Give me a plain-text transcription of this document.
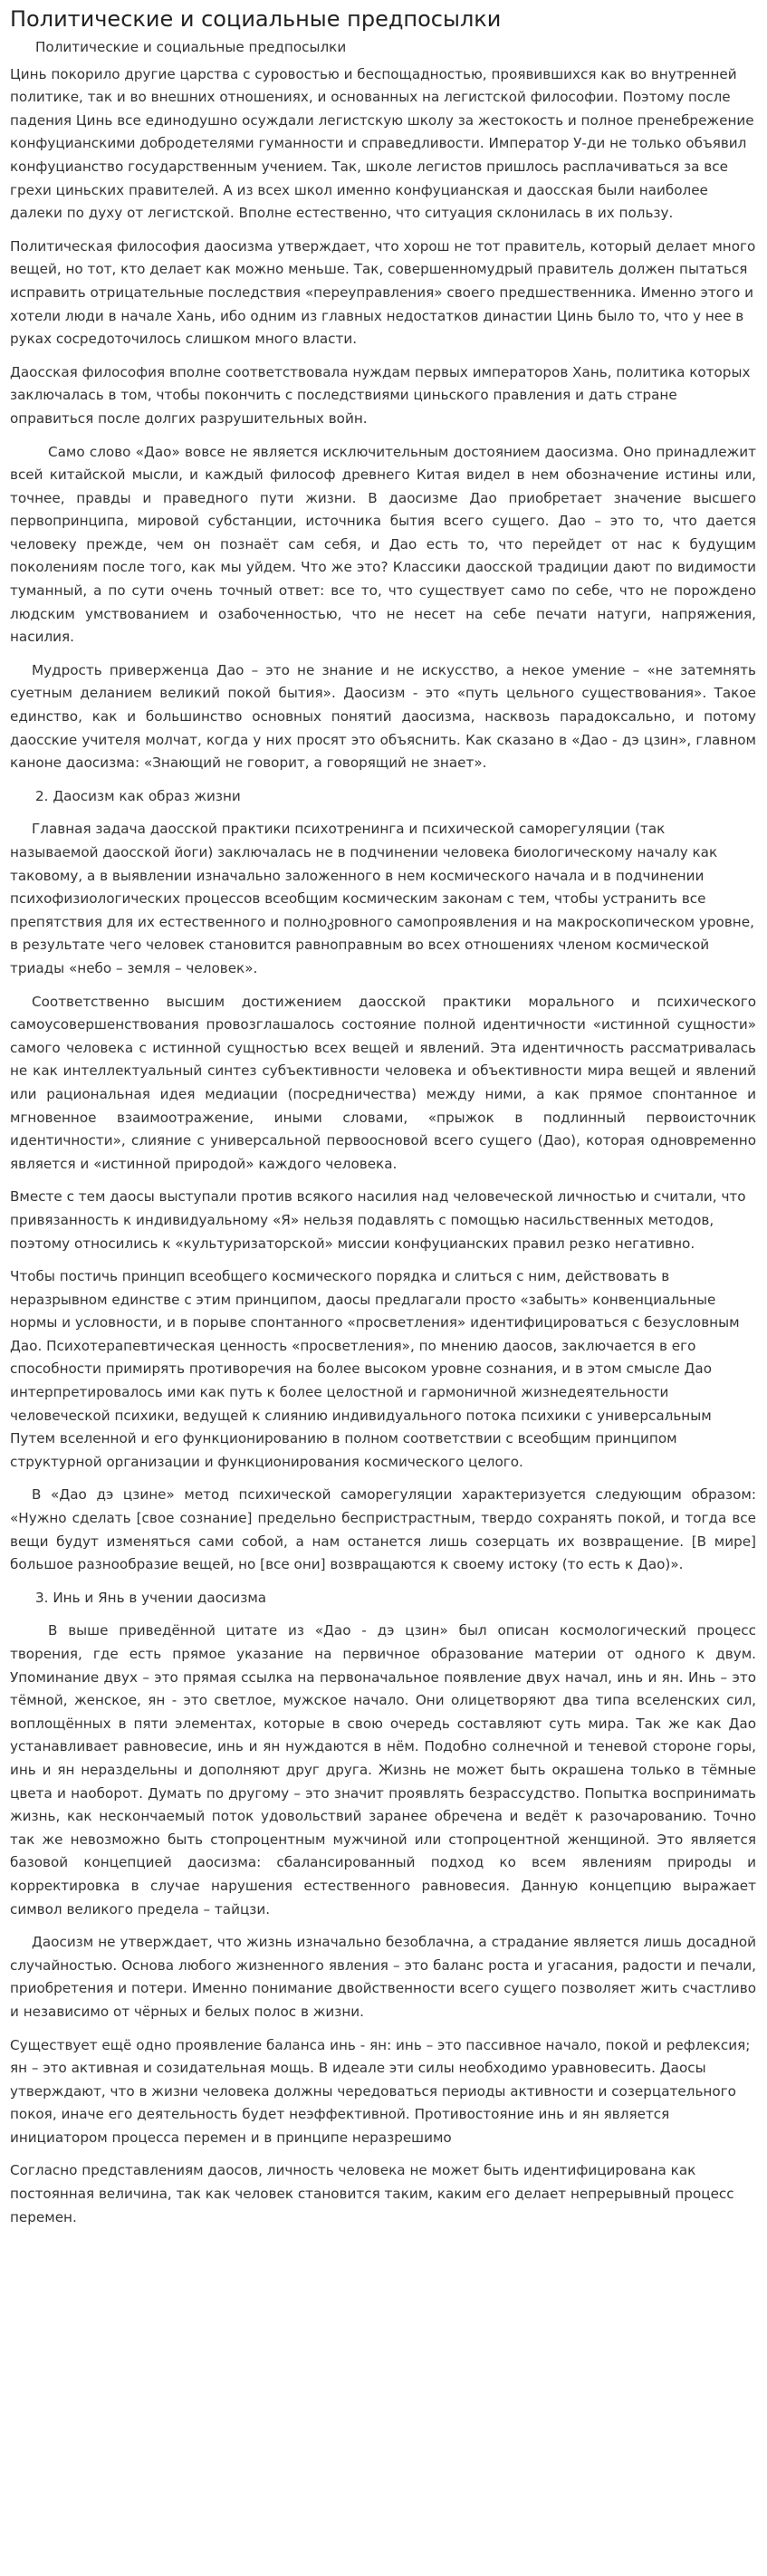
Политические и социальные предпосылки

Политические и социальные предпосылки

Цинь покорило другие царства с суровостью и беспощадностью, проявившихся как во внутренней политике, так и во внешних отношениях, и основанных на легистской философии. Поэтому после падения Цинь все единодушно осуждали легистскую школу за жестокость и полное пренебрежение конфуцианскими добродетелями гуманности и справедливости. Император У-ди не только объявил конфуцианство государственным учением. Так, школе легистов пришлось расплачиваться за все грехи циньских правителей. А из всех школ именно конфуцианская и даосская были наиболее далеки по духу от легистской. Вполне естественно, что ситуация склонилась в их пользу.

Политическая философия даосизма утверждает, что хорош не тот правитель, который делает много вещей, но тот, кто делает как можно меньше. Так, совершенномудрый правитель должен пытаться исправить отрицательные последствия «переуправления» своего предшественника. Именно этого и хотели люди в начале Хань, ибо одним из главных недостатков династии Цинь было то, что у нее в руках сосредоточилось слишком много власти.

Даосская философия вполне соответствовала нуждам первых императоров Хань, политика которых заключалась в том, чтобы покончить с последствиями циньского правления и дать стране оправиться после долгих разрушительных войн.

Само слово «Дао» вовсе не является исключительным достоянием даосизма. Оно принадлежит всей китайской мысли, и каждый философ древнего Китая видел в нем обозначение истины или, точнее, правды и праведного пути жизни. В даосизме Дао приобретает значение высшего первопринципа, мировой субстанции, источника бытия всего сущего. Дао – это то, что дается человеку прежде, чем он познаёт сам себя, и Дао есть то, что перейдет от нас к будущим поколениям после того, как мы уйдем. Что же это? Классики даосской традиции дают по видимости туманный, а по сути очень точный ответ: все то, что существует само по себе, что не порождено людским умствованием и озабоченностью, что не несет на себе печати натуги, напряжения, насилия.

Мудрость приверженца Дао – это не знание и не искусство, а некое умение – «не затемнять суетным деланием великий покой бытия». Даосизм - это «путь цельного существования». Такое единство, как и большинство основных понятий даосизма, насквозь парадоксально, и потому даосские учителя молчат, когда у них просят это объяснить. Как сказано в «Дао - дэ цзин», главном каноне даосизма: «Знающий не говорит, а говорящий не знает».

2. Даосизм как образ жизни

Главная задача даосской практики психотренинга и психической саморегуляции (так называемой даосской йоги) заключалась не в подчинении человека биологическому началу как таковому, а в выявлении изначально заложенного в нем космического начала и в подчинении психофизиологических процессов всеобщим космическим законам с тем, чтобы устранить все препятствия для их естественного и полноკровного самопроявления и на макроскопическом уровне, в результате чего человек становится равноправным во всех отношениях членом космической триады «небо – земля – человек».

Соответственно высшим достижением даосской практики морального и психического самоусовершенствования провозглашалось состояние полной идентичности «истинной сущности» самого человека с истинной сущностью всех вещей и явлений. Эта идентичность рассматривалась не как интеллектуальный синтез субъективности человека и объективности мира вещей и явлений или рациональная идея медиации (посредничества) между ними, а как прямое спонтанное и мгновенное взаимоотражение, иными словами, «прыжок в подлинный первоисточник идентичности», слияние с универсальной первоосновой всего сущего (Дао), которая одновременно является и «истинной природой» каждого человека.

Вместе с тем даосы выступали против всякого насилия над человеческой личностью и считали, что привязанность к индивидуальному «Я» нельзя подавлять с помощью насильственных методов, поэтому относились к «культуризаторской» миссии конфуцианских правил резко негативно.

Чтобы постичь принцип всеобщего космического порядка и слиться с ним, действовать в неразрывном единстве с этим принципом, даосы предлагали просто «забыть» конвенциальные нормы и условности, и в порыве спонтанного «просветления» идентифицироваться с безусловным Дао. Психотерапевтическая ценность «просветления», по мнению даосов, заключается в его способности примирять противоречия на более высоком уровне сознания, и в этом смысле Дао интерпретировалось ими как путь к более целостной и гармоничной жизнедеятельности человеческой психики, ведущей к слиянию индивидуального потока психики с универсальным Путем вселенной и его функционированию в полном соответствии с всеобщим принципом структурной организации и функционирования космического целого.

В «Дао дэ цзине» метод психической саморегуляции характеризуется следующим образом: «Нужно сделать [свое сознание] предельно беспристрастным, твердо сохранять покой, и тогда все вещи будут изменяться сами собой, а нам останется лишь созерцать их возвращение. [В мире] большое разнообразие вещей, но [все они] возвращаются к своему истоку (то есть к Дао)».

3. Инь и Янь в учении даосизма

В выше приведённой цитате из «Дао - дэ цзин» был описан космологический процесс творения, где есть прямое указание на первичное образование материи от одного к двум. Упоминание двух – это прямая ссылка на первоначальное появление двух начал, инь и ян. Инь – это тёмной, женское, ян - это светлое, мужское начало. Они олицетворяют два типа вселенских сил, воплощённых в пяти элементах, которые в свою очередь составляют суть мира. Так же как Дао устанавливает равновесие, инь и ян нуждаются в нём. Подобно солнечной и теневой стороне горы, инь и ян нераздельны и дополняют друг друга. Жизнь не может быть окрашена только в тёмные цвета и наоборот. Думать по другому – это значит проявлять безрассудство. Попытка воспринимать жизнь, как нескончаемый поток удовольствий заранее обречена и ведёт к разочарованию. Точно так же невозможно быть стопроцентным мужчиной или стопроцентной женщиной. Это является базовой концепцией даосизма: сбалансированный подход ко всем явлениям природы и корректировка в случае нарушения естественного равновесия. Данную концепцию выражает символ великого предела – тайцзи.

Даосизм не утверждает, что жизнь изначально безоблачна, а страдание является лишь досадной случайностью. Основа любого жизненного явления – это баланс роста и угасания, радости и печали, приобретения и потери. Именно понимание двойственности всего сущего позволяет жить счастливо и независимо от чёрных и белых полос в жизни.

Существует ещё одно проявление баланса инь - ян: инь – это пассивное начало, покой и рефлексия; ян – это активная и созидательная мощь. В идеале эти силы необходимо уравновесить. Даосы утверждают, что в жизни человека должны чередоваться периоды активности и созерцательного покоя, иначе его деятельность будет неэффективной. Противостояние инь и ян является инициатором процесса перемен и в принципе неразрешимо

Согласно представлениям даосов, личность человека не может быть идентифицирована как постоянная величина, так как человек становится таким, каким его делает непрерывный процесс перемен.
